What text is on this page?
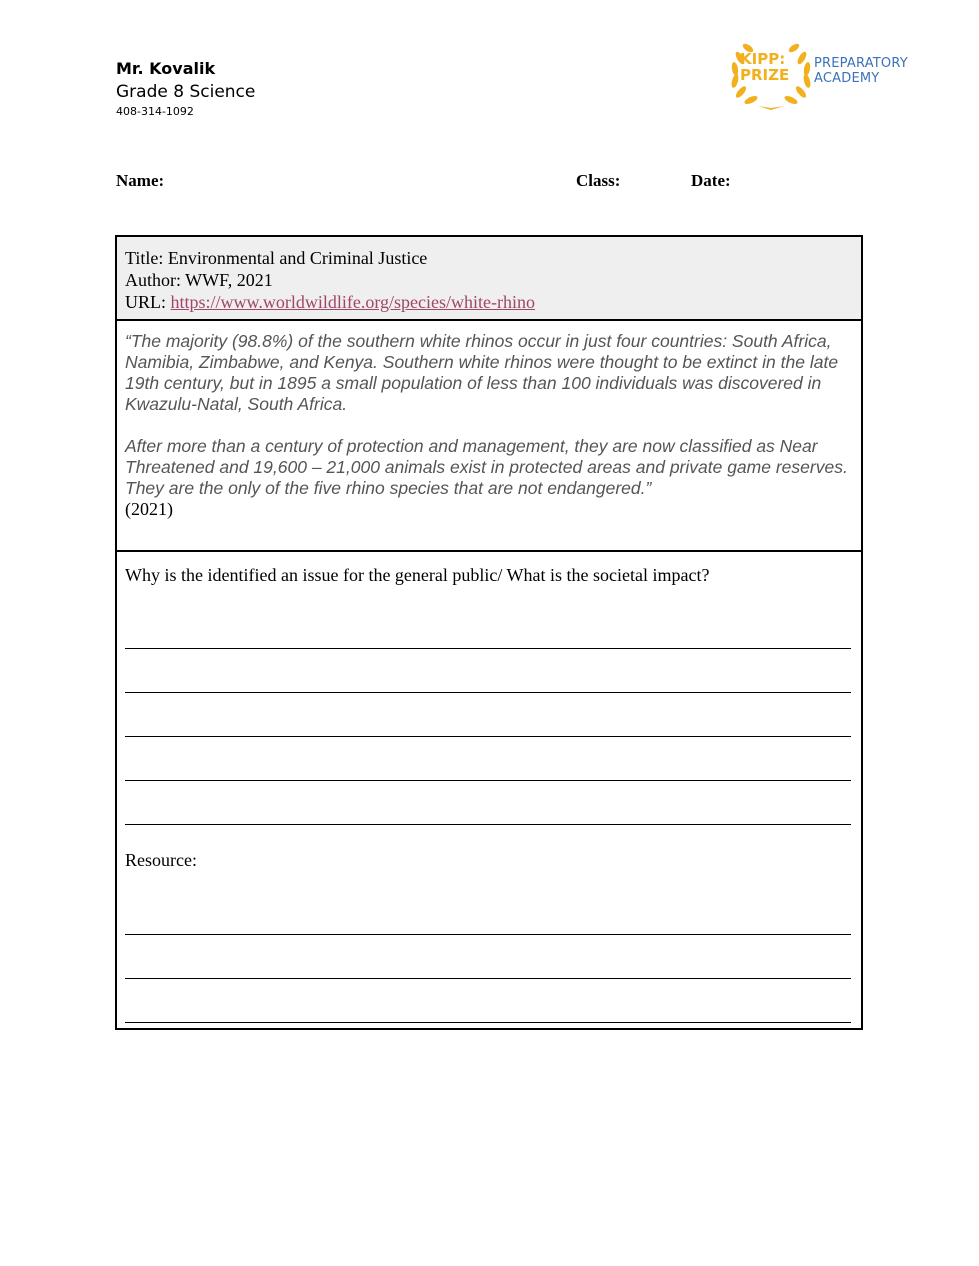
Mr. Kovalik

Grade 8 Science

408-314-1092

KIPP:
PRIZE
PREPARATORY
ACADEMY
Name:	Class:	Date:
Title: Environmental and Criminal Justice
Author: WWF, 2021
URL: https://www.worldwildlife.org/species/white-rhino

“The majority (98.8%) of the southern white rhinos occur in just four countries: South Africa, Namibia, Zimbabwe, and Kenya. Southern white rhinos were thought to be extinct in the late 19th century, but in 1895 a small population of less than 100 individuals was discovered in Kwazulu-Natal, South Africa.

After more than a century of protection and management, they are now classified as Near Threatened and 19,600 – 21,000 animals exist in protected areas and private game reserves. They are the only of the five rhino species that are not endangered.”

(2021)

Why is the identified an issue for the general public/ What is the societal impact?

Resource:
